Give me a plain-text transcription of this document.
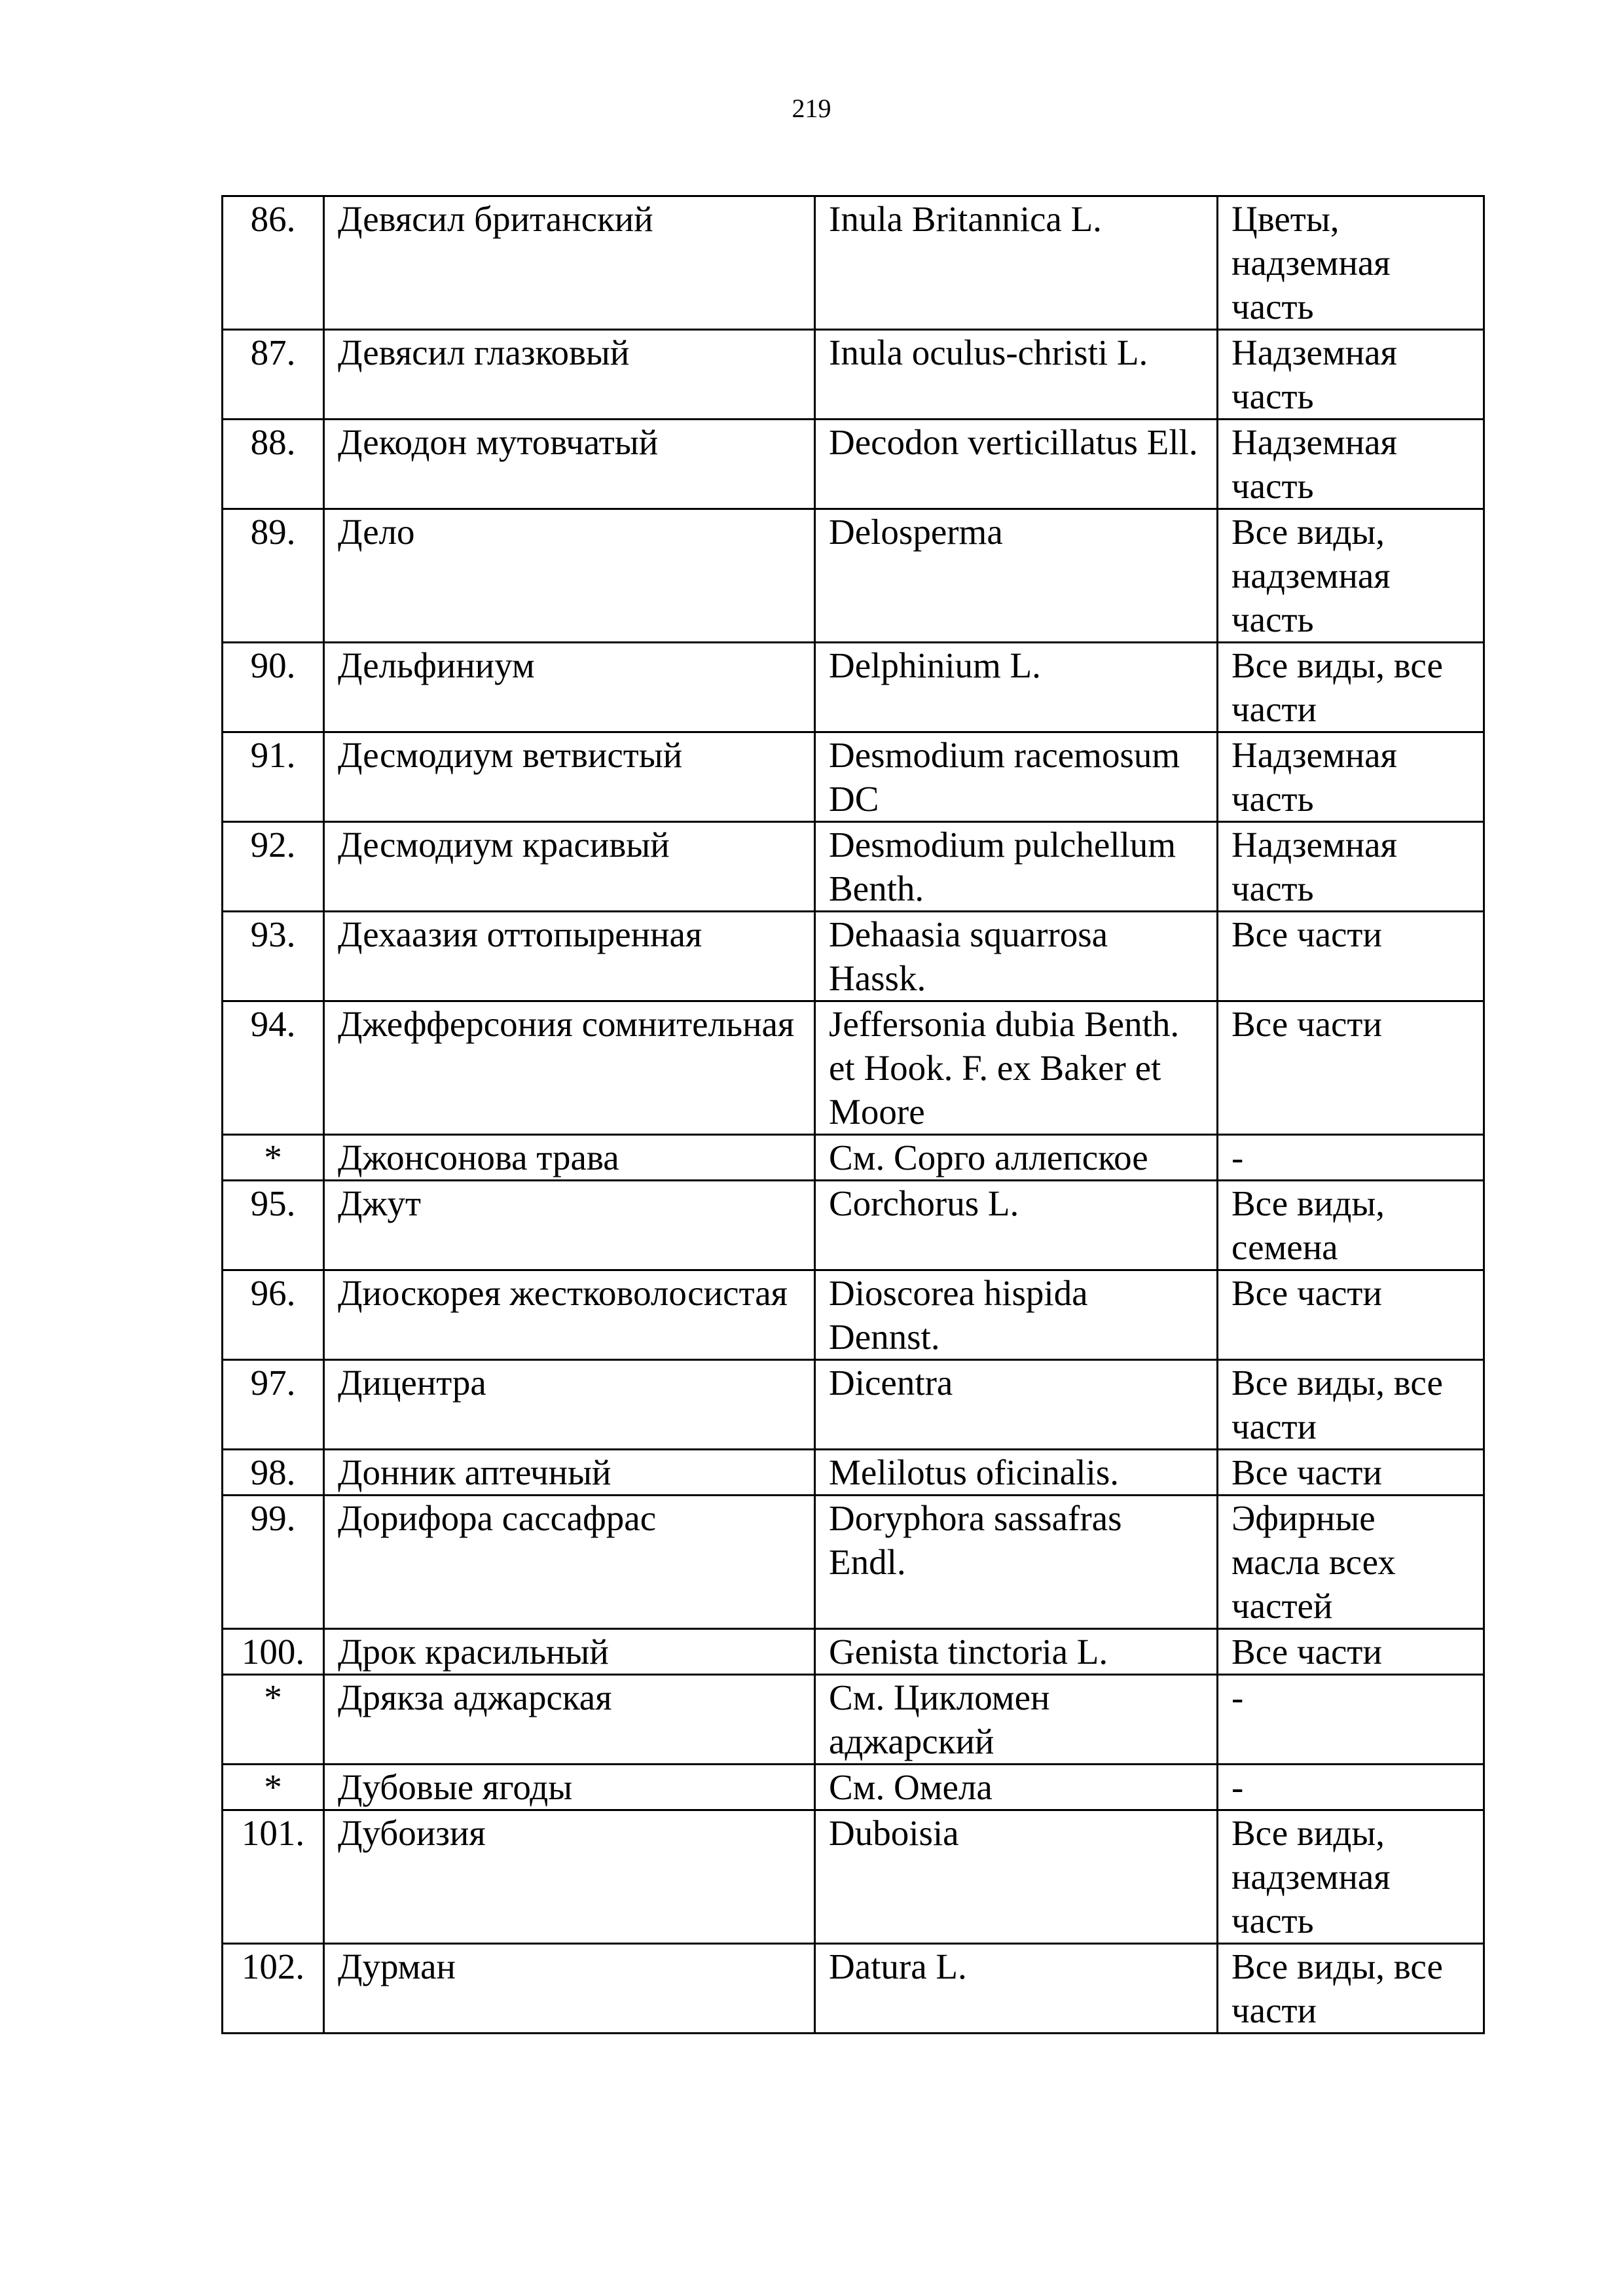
219
86.	Девясил британский	Inula Britannica L.	Цветы, надземная часть
87.	Девясил глазковый	Inula oculus-christi L.	Надземная часть
88.	Декодон мутовчатый	Decodon verticillatus Ell.	Надземная часть
89.	Дело	Delosperma	Все виды, надземная часть
90.	Дельфиниум	Delphinium L.	Все виды, все части
91.	Десмодиум ветвистый	Desmodium racemosum DC	Надземная часть
92.	Десмодиум красивый	Desmodium pulchellum Benth.	Надземная часть
93.	Дехаазия оттопыренная	Dehaasia squarrosa Hassk.	Все части
94.	Джефферсония сомнительная	Jeffersonia dubia Benth. et Hook. F. ex Baker et Moore	Все части
*	Джонсонова трава	См. Сорго аллепское	-
95.	Джут	Corchorus L.	Все виды, семена
96.	Диоскорея жестковолосистая	Dioscorea hispida Dennst.	Все части
97.	Дицентра	Dicentra	Все виды, все части
98.	Донник аптечный	Melilotus oficinalis.	Все части
99.	Дорифора сассафрас	Doryphora sassafras Endl.	Эфирные масла всех частей
100.	Дрок красильный	Genista tinctoria L.	Все части
*	Дрякза аджарская	См. Цикломен аджарский	-
*	Дубовые ягоды	См. Омела	-
101.	Дубоизия	Duboisia	Все виды, надземная часть
102.	Дурман	Datura L.	Все виды, все части
